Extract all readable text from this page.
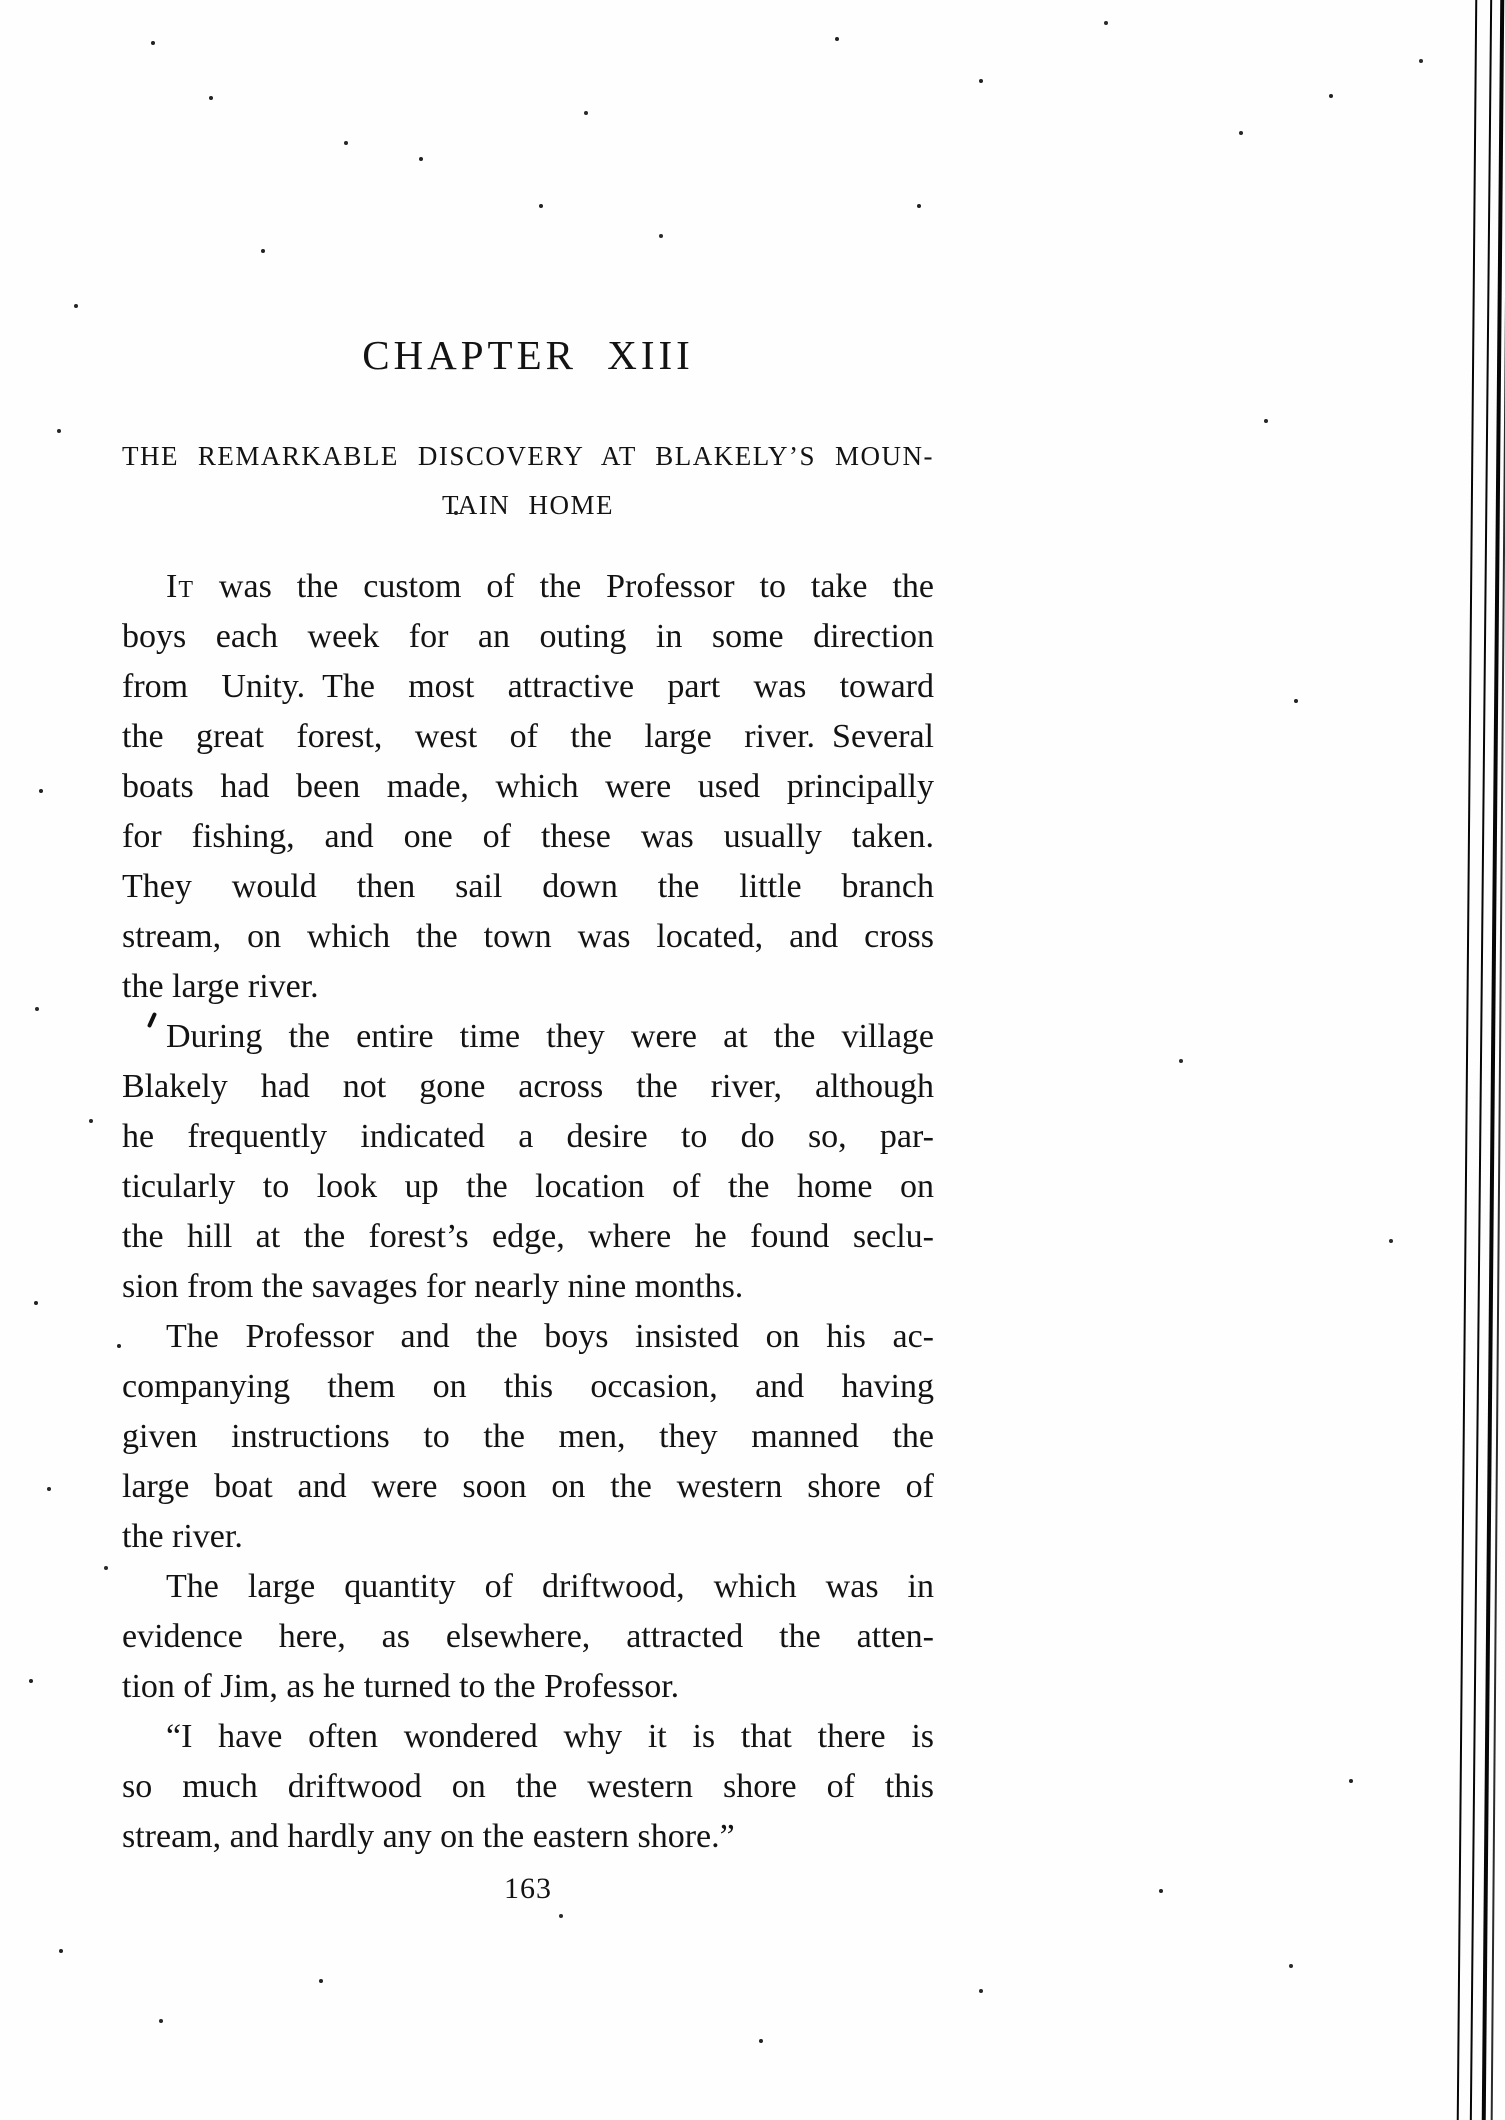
CHAPTER XIII
THE REMARKABLE DISCOVERY AT BLAKELY’S MOUN-
TAIN HOME
It was the custom of the Professor to take the
boys each week for an outing in some direction
from Unity. The most attractive part was toward
the great forest, west of the large river. Several
boats had been made, which were used principally
for fishing, and one of these was usually taken.
They would then sail down the little branch
stream, on which the town was located, and cross
the large river.
During the entire time they were at the village
Blakely had not gone across the river, although
he frequently indicated a desire to do so, par-
ticularly to look up the location of the home on
the hill at the forest’s edge, where he found seclu-
sion from the savages for nearly nine months.
The Professor and the boys insisted on his ac-
companying them on this occasion, and having
given instructions to the men, they manned the
large boat and were soon on the western shore of
the river.
The large quantity of driftwood, which was in
evidence here, as elsewhere, attracted the atten-
tion of Jim, as he turned to the Professor.
“I have often wondered why it is that there is
so much driftwood on the western shore of this
stream, and hardly any on the eastern shore.”
163
